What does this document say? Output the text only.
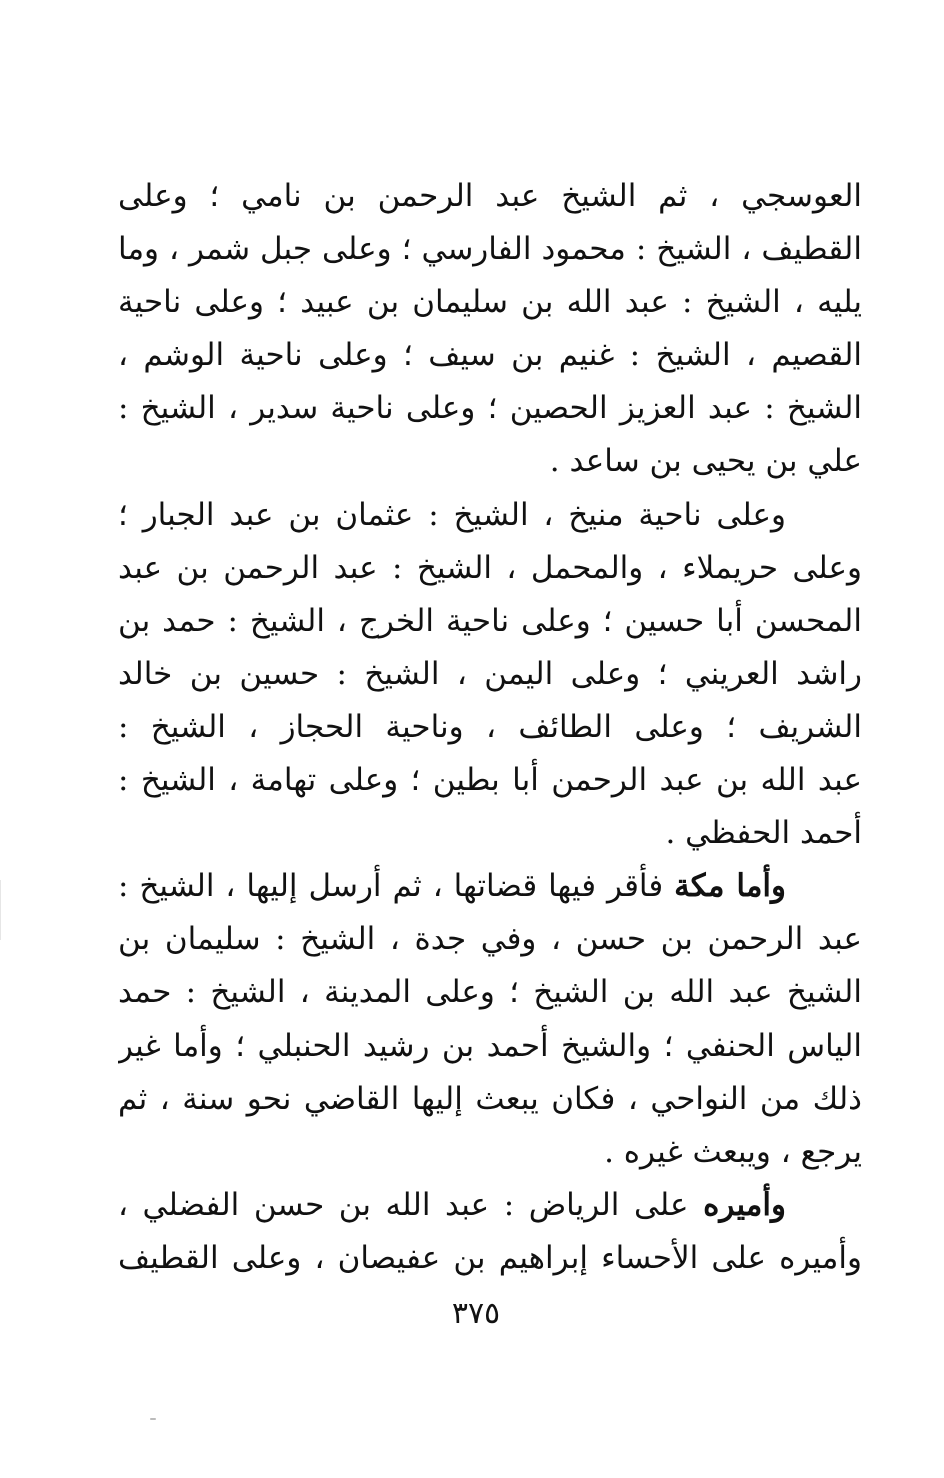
العوسجي ، ثم الشيخ عبد الرحمن بن نامي ؛ وعلى
القطيف ، الشيخ : محمود الفارسي ؛ وعلى جبل شمر ، وما
يليه ، الشيخ : عبد الله بن سليمان بن عبيد ؛ وعلى ناحية
القصيم ، الشيخ : غنيم بن سيف ؛ وعلى ناحية الوشم ،
الشيخ : عبد العزيز الحصين ؛ وعلى ناحية سدير ، الشيخ :
علي بن يحيى بن ساعد .
وعلى ناحية منيخ ، الشيخ : عثمان بن عبد الجبار ؛
وعلى حريملاء ، والمحمل ، الشيخ : عبد الرحمن بن عبد
المحسن أبا حسين ؛ وعلى ناحية الخرج ، الشيخ : حمد بن
راشد العريني ؛ وعلى اليمن ، الشيخ : حسين بن خالد
الشريف ؛ وعلى الطائف ، وناحية الحجاز ، الشيخ :
عبد الله بن عبد الرحمن أبا بطين ؛ وعلى تهامة ، الشيخ :
أحمد الحفظي .
وأما مكة فأقر فيها قضاتها ، ثم أرسل إليها ، الشيخ :
عبد الرحمن بن حسن ، وفي جدة ، الشيخ : سليمان بن
الشيخ عبد الله بن الشيخ ؛ وعلى المدينة ، الشيخ : حمد
الياس الحنفي ؛ والشيخ أحمد بن رشيد الحنبلي ؛ وأما غير
ذلك من النواحي ، فكان يبعث إليها القاضي نحو سنة ، ثم
يرجع ، ويبعث غيره .
وأميره على الرياض : عبد الله بن حسن الفضلي ،
وأميره على الأحساء إبراهيم بن عفيصان ، وعلى القطيف
٣٧٥
